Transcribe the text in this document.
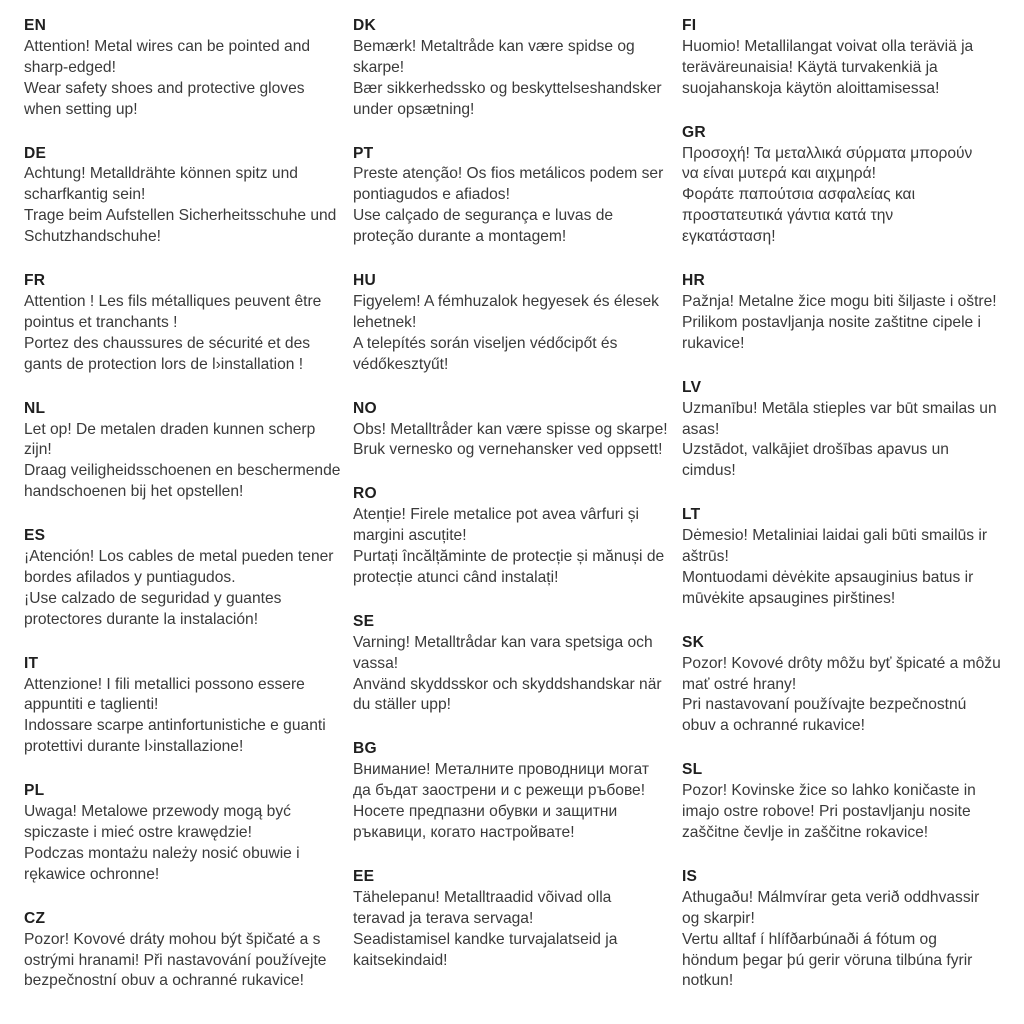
EN
Attention! Metal wires can be pointed and
sharp-edged!
Wear safety shoes and protective gloves
when setting up!
DE
Achtung! Metalldrähte können spitz und
scharfkantig sein!
Trage beim Aufstellen Sicherheitsschuhe und
Schutzhandschuhe!
FR
Attention ! Les fils métalliques peuvent être
pointus et tranchants !
Portez des chaussures de sécurité et des
gants de protection lors de l›installation !
NL
Let op! De metalen draden kunnen scherp
zijn!
Draag veiligheidsschoenen en beschermende
handschoenen bij het opstellen!
ES
¡Atención! Los cables de metal pueden tener
bordes afilados y puntiagudos.
¡Use calzado de seguridad y guantes
protectores durante la instalación!
IT
Attenzione! I fili metallici possono essere
appuntiti e taglienti!
Indossare scarpe antinfortunistiche e guanti
protettivi durante l›installazione!
PL
Uwaga! Metalowe przewody mogą być
spiczaste i mieć ostre krawędzie!
Podczas montażu należy nosić obuwie i
rękawice ochronne!
CZ
Pozor! Kovové dráty mohou být špičaté a s
ostrými hranami! Při nastavování používejte
bezpečnostní obuv a ochranné rukavice!
DK
Bemærk! Metaltråde kan være spidse og
skarpe!
Bær sikkerhedssko og beskyttelseshandsker
under opsætning!
PT
Preste atenção! Os fios metálicos podem ser
pontiagudos e afiados!
Use calçado de segurança e luvas de
proteção durante a montagem!
HU
Figyelem! A fémhuzalok hegyesek és élesek
lehetnek!
A telepítés során viseljen védőcipőt és
védőkesztyűt!
NO
Obs! Metalltråder kan være spisse og skarpe!
Bruk vernesko og vernehansker ved oppsett!
RO
Atenție! Firele metalice pot avea vârfuri și
margini ascuțite!
Purtați încălțăminte de protecție și mănuși de
protecție atunci când instalați!
SE
Varning! Metalltrådar kan vara spetsiga och
vassa!
Använd skyddsskor och skyddshandskar när
du ställer upp!
BG
Внимание! Металните проводници могат
да бъдат заострени и с режещи ръбове!
Носете предпазни обувки и защитни
ръкавици, когато настройвате!
EE
Tähelepanu! Metalltraadid võivad olla
teravad ja terava servaga!
Seadistamisel kandke turvajalatseid ja
kaitsekindaid!
FI
Huomio! Metallilangat voivat olla teräviä ja
teräväreunaisia! Käytä turvakenkiä ja
suojahanskoja käytön aloittamisessa!
GR
Προσοχή! Τα μεταλλικά σύρματα μπορούν
να είναι μυτερά και αιχμηρά!
Φοράτε παπούτσια ασφαλείας και
προστατευτικά γάντια κατά την
εγκατάσταση!
HR
Pažnja! Metalne žice mogu biti šiljaste i oštre!
Prilikom postavljanja nosite zaštitne cipele i
rukavice!
LV
Uzmanību! Metāla stieples var būt smailas un
asas!
Uzstādot, valkājiet drošības apavus un
cimdus!
LT
Dėmesio! Metaliniai laidai gali būti smailūs ir
aštrūs!
Montuodami dėvėkite apsauginius batus ir
mūvėkite apsaugines pirštines!
SK
Pozor! Kovové drôty môžu byť špicaté a môžu
mať ostré hrany!
Pri nastavovaní používajte bezpečnostnú
obuv a ochranné rukavice!
SL
Pozor! Kovinske žice so lahko koničaste in
imajo ostre robove! Pri postavljanju nosite
zaščitne čevlje in zaščitne rokavice!
IS
Athugaðu! Málmvírar geta verið oddhvassir
og skarpir!
Vertu alltaf í hlífðarbúnaði á fótum og
höndum þegar þú gerir vöruna tilbúna fyrir
notkun!
